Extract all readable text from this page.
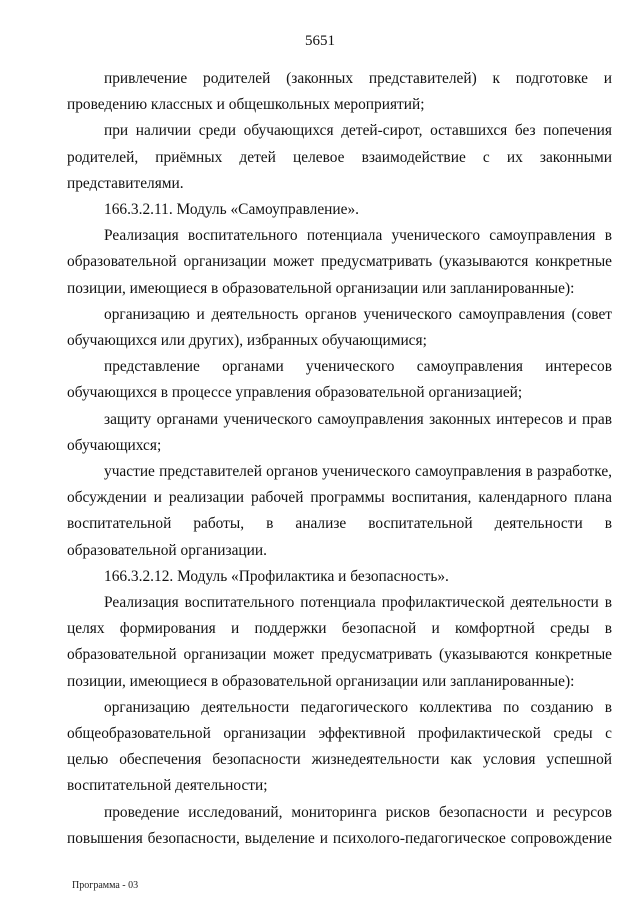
5651

привлечение родителей (законных представителей) к подготовке и проведению классных и общешкольных мероприятий;

при наличии среди обучающихся детей-сирот, оставшихся без попечения родителей, приёмных детей целевое взаимодействие с их законными представителями.

166.3.2.11. Модуль «Самоуправление».

Реализация воспитательного потенциала ученического самоуправления в образовательной организации может предусматривать (указываются конкретные позиции, имеющиеся в образовательной организации или запланированные):

организацию и деятельность органов ученического самоуправления (совет обучающихся или других), избранных обучающимися;

представление органами ученического самоуправления интересов обучающихся в процессе управления образовательной организацией;

защиту органами ученического самоуправления законных интересов и прав обучающихся;

участие представителей органов ученического самоуправления в разработке, обсуждении и реализации рабочей программы воспитания, календарного плана воспитательной работы, в анализе воспитательной деятельности в образовательной организации.

166.3.2.12. Модуль «Профилактика и безопасность».

Реализация воспитательного потенциала профилактической деятельности в целях формирования и поддержки безопасной и комфортной среды в образовательной организации может предусматривать (указываются конкретные позиции, имеющиеся в образовательной организации или запланированные):

организацию деятельности педагогического коллектива по созданию в общеобразовательной организации эффективной профилактической среды с целью обеспечения безопасности жизнедеятельности как условия успешной воспитательной деятельности;

проведение исследований, мониторинга рисков безопасности и ресурсов повышения безопасности, выделение и психолого-педагогическое сопровождение

Программа - 03
